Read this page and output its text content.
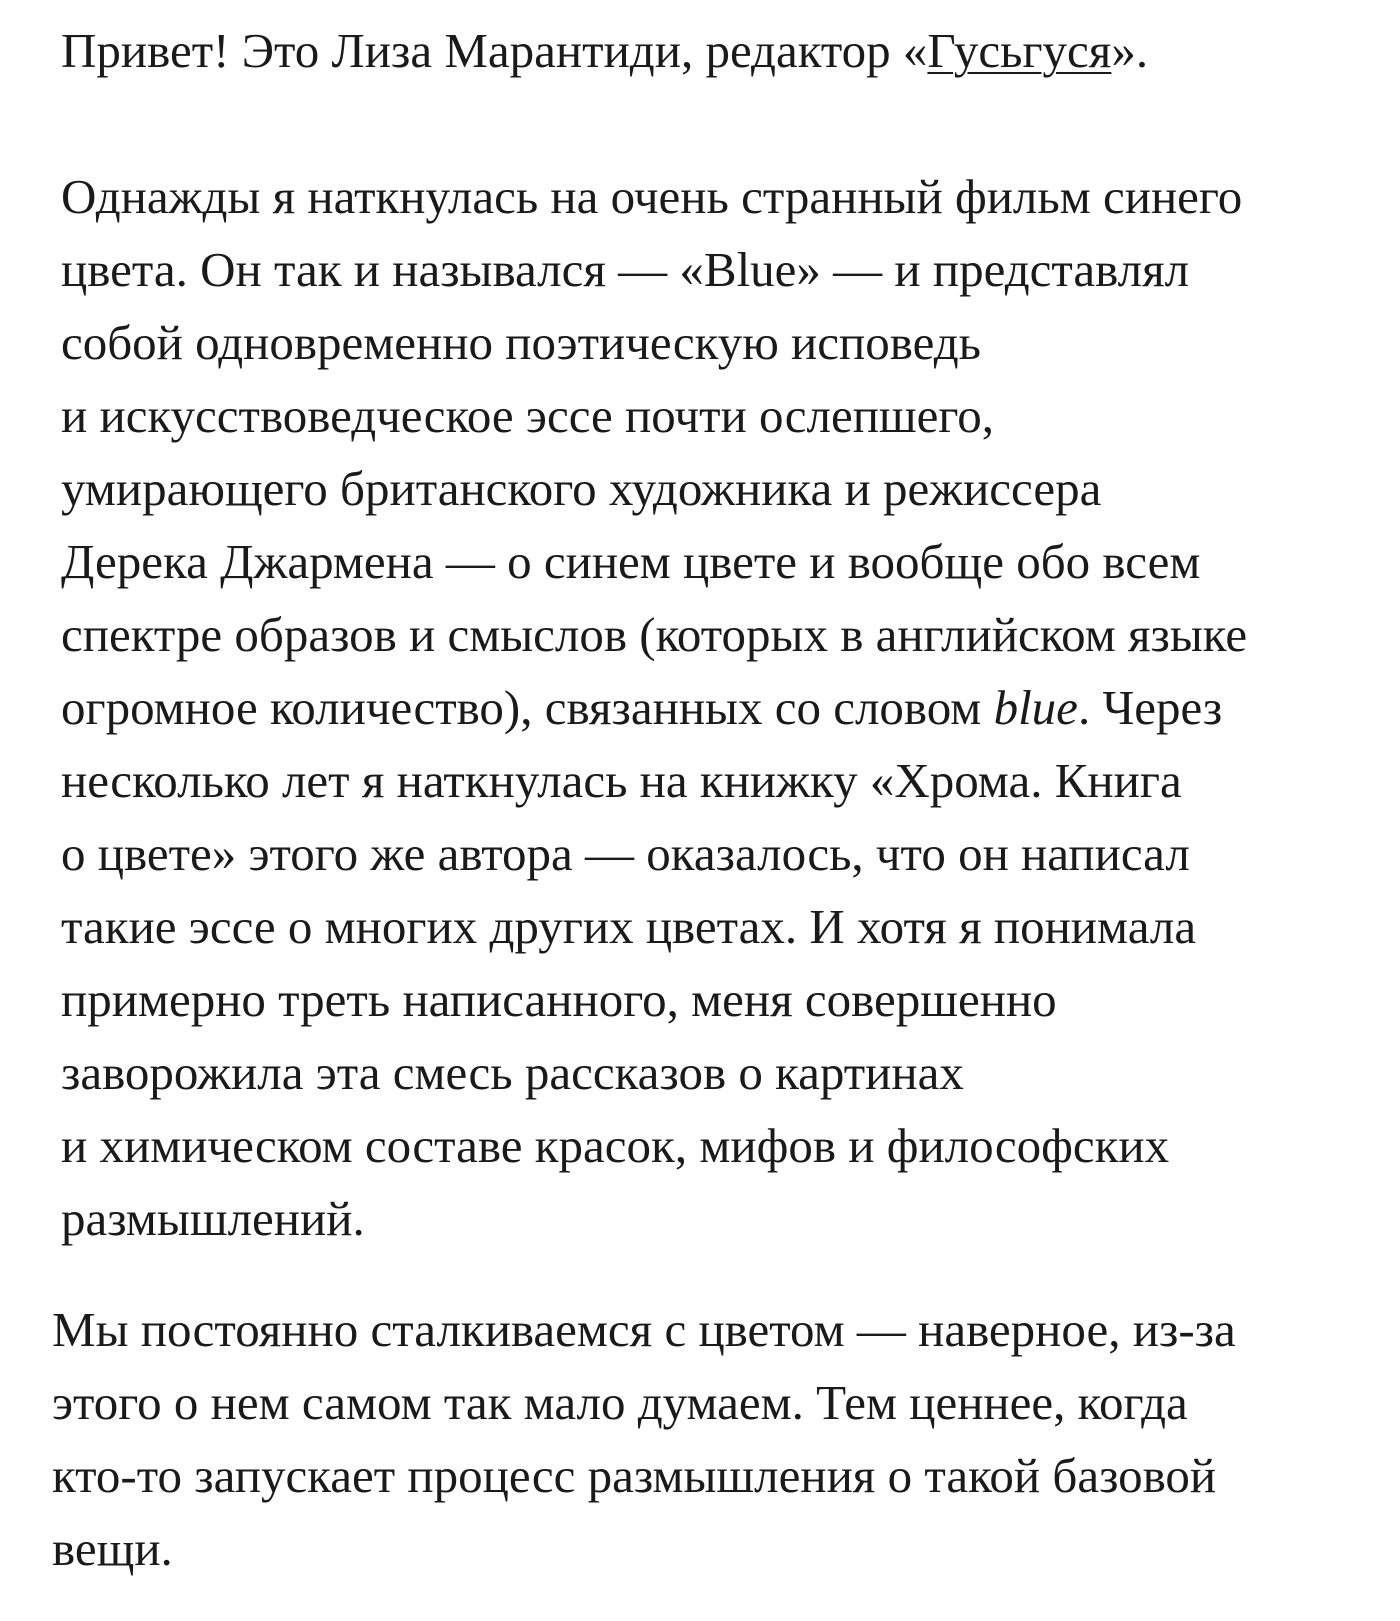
Привет! Это Лиза Марантиди, редактор «Гусьгуся».

Однажды я наткнулась на очень странный фильм синего
цвета. Он так и назывался — «Blue» — и представлял
собой одновременно поэтическую исповедь
и искусствоведческое эссе почти ослепшего,
умирающего британского художника и режиссера
Дерека Джармена — о синем цвете и вообще обо всем
спектре образов и смыслов (которых в английском языке
огромное количество), связанных со словом blue. Через
несколько лет я наткнулась на книжку «Хрома. Книга
о цвете» этого же автора — оказалось, что он написал
такие эссе о многих других цветах. И хотя я понимала
примерно треть написанного, меня совершенно
заворожила эта смесь рассказов о картинах
и химическом составе красок, мифов и философских
размышлений.

Мы постоянно сталкиваемся с цветом — наверное, из-за
этого о нем самом так мало думаем. Тем ценнее, когда
кто-то запускает процесс размышления о такой базовой
вещи.
